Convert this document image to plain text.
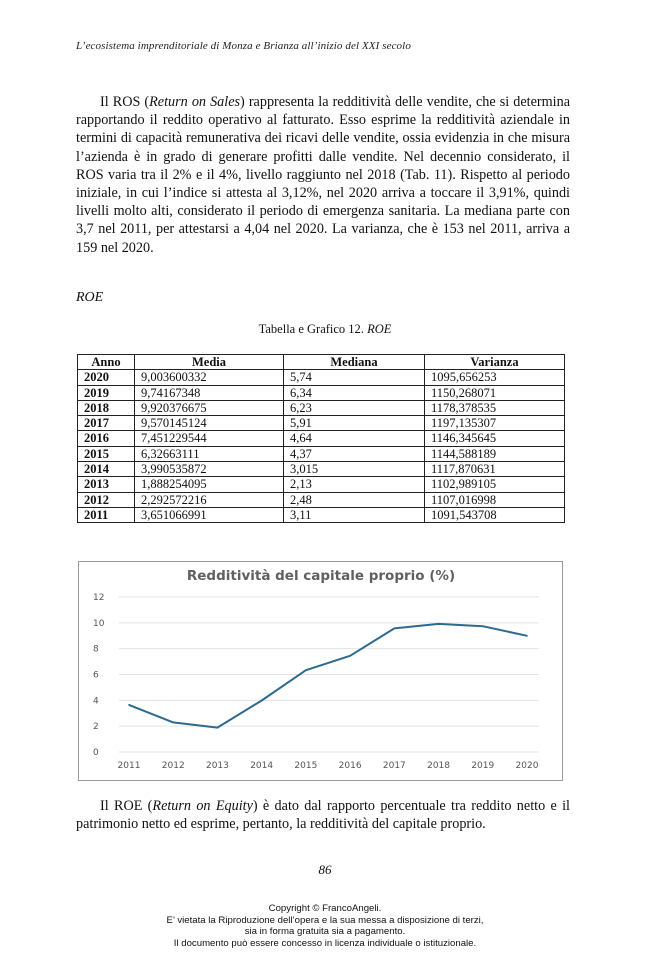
L’ecosistema imprenditoriale di Monza e Brianza all’inizio del XXI secolo

Il ROS (Return on Sales) rappresenta la redditività delle vendite, che si determina rapportando il reddito operativo al fatturato. Esso esprime la redditività aziendale in termini di capacità remunerativa dei ricavi delle vendite, ossia evidenzia in che misura l’azienda è in grado di generare profitti dalle vendite. Nel decennio considerato, il ROS varia tra il 2% e il 4%, livello raggiunto nel 2018 (Tab. 11). Rispetto al periodo iniziale, in cui l’indice si attesta al 3,12%, nel 2020 arriva a toccare il 3,91%, quindi livelli molto alti, considerato il periodo di emergenza sanitaria. La mediana parte con 3,7 nel 2011, per attestarsi a 4,04 nel 2020. La varianza, che è 153 nel 2011, arriva a 159 nel 2020.

ROE
Tabella e Grafico 12. ROE
Anno	Media	Mediana	Varianza
2020	9,003600332	5,74	1095,656253
2019	9,74167348	6,34	1150,268071
2018	9,920376675	6,23	1178,378535
2017	9,570145124	5,91	1197,135307
2016	7,451229544	4,64	1146,345645
2015	6,32663111	4,37	1144,588189
2014	3,990535872	3,015	1117,870631
2013	1,888254095	2,13	1102,989105
2012	2,292572216	2,48	1107,016998
2011	3,651066991	3,11	1091,543708
Redditività del capitale proprio (%)
0
2
4
6
8
10
12
2011 2012 2013 2014 2015 2016 2017 2018 2019 2020

Il ROE (Return on Equity) è dato dal rapporto percentuale tra reddito netto e il patrimonio netto ed esprime, pertanto, la redditività del capitale proprio.

86
Copyright © FrancoAngeli.
E’ vietata la Riproduzione dell’opera e la sua messa a disposizione di terzi,
sia in forma gratuita sia a pagamento.
Il documento può essere concesso in licenza individuale o istituzionale.
